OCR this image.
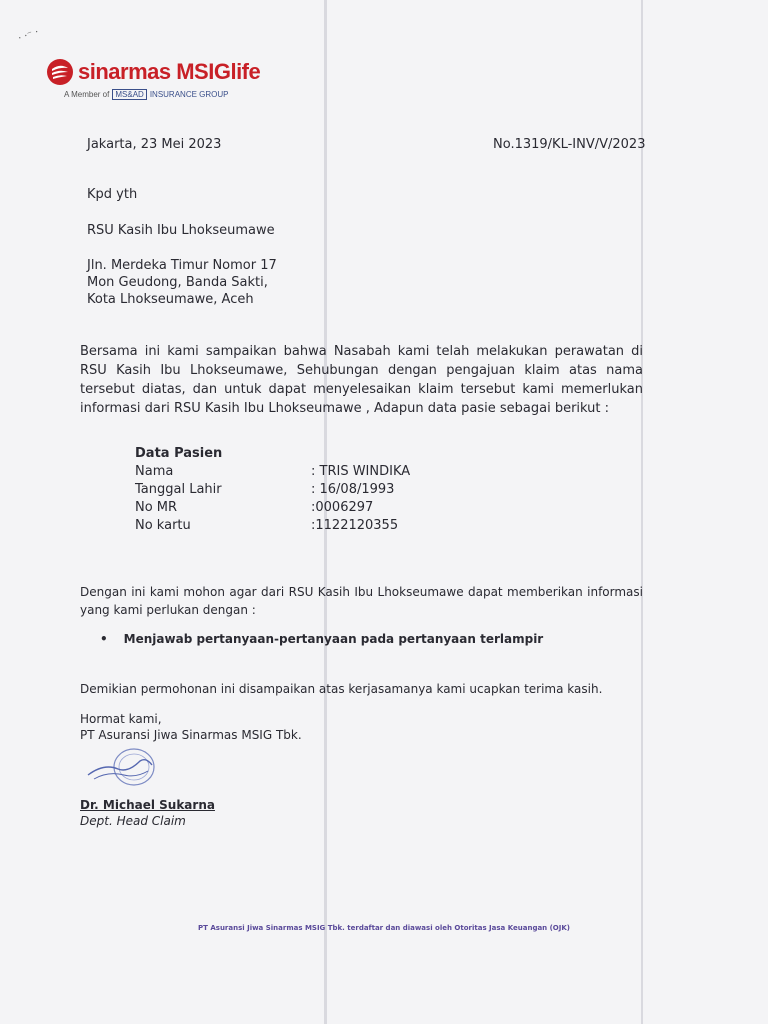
· ·⁻ ·
sinarmas MSIGlife
A Member of MS&AD INSURANCE GROUP
Jakarta, 23 Mei 2023	No.1319/KL-INV/V/2023
Kpd yth
RSU Kasih Ibu Lhokseumawe
Jln. Merdeka Timur Nomor 17
Mon Geudong, Banda Sakti,
Kota Lhokseumawe, Aceh
Bersama ini kami sampaikan bahwa Nasabah kami telah melakukan perawatan di RSU Kasih Ibu Lhokseumawe, Sehubungan dengan pengajuan klaim atas nama tersebut diatas, dan untuk dapat menyelesaikan klaim tersebut kami memerlukan informasi dari RSU Kasih Ibu Lhokseumawe , Adapun data pasie sebagai berikut :
Data Pasien
Nama	: TRIS WINDIKA
Tanggal Lahir	: 16/08/1993
No MR	:0006297
No kartu	:1122120355
Dengan ini kami mohon agar dari RSU Kasih Ibu Lhokseumawe dapat memberikan informasi yang kami perlukan dengan :
• Menjawab pertanyaan-pertanyaan pada pertanyaan terlampir
Demikian permohonan ini disampaikan atas kerjasamanya kami ucapkan terima kasih.
Hormat kami,
PT Asuransi Jiwa Sinarmas MSIG Tbk.
Dr. Michael Sukarna
Dept. Head Claim
PT Asuransi Jiwa Sinarmas MSIG Tbk. terdaftar dan diawasi oleh Otoritas Jasa Keuangan (OJK)
